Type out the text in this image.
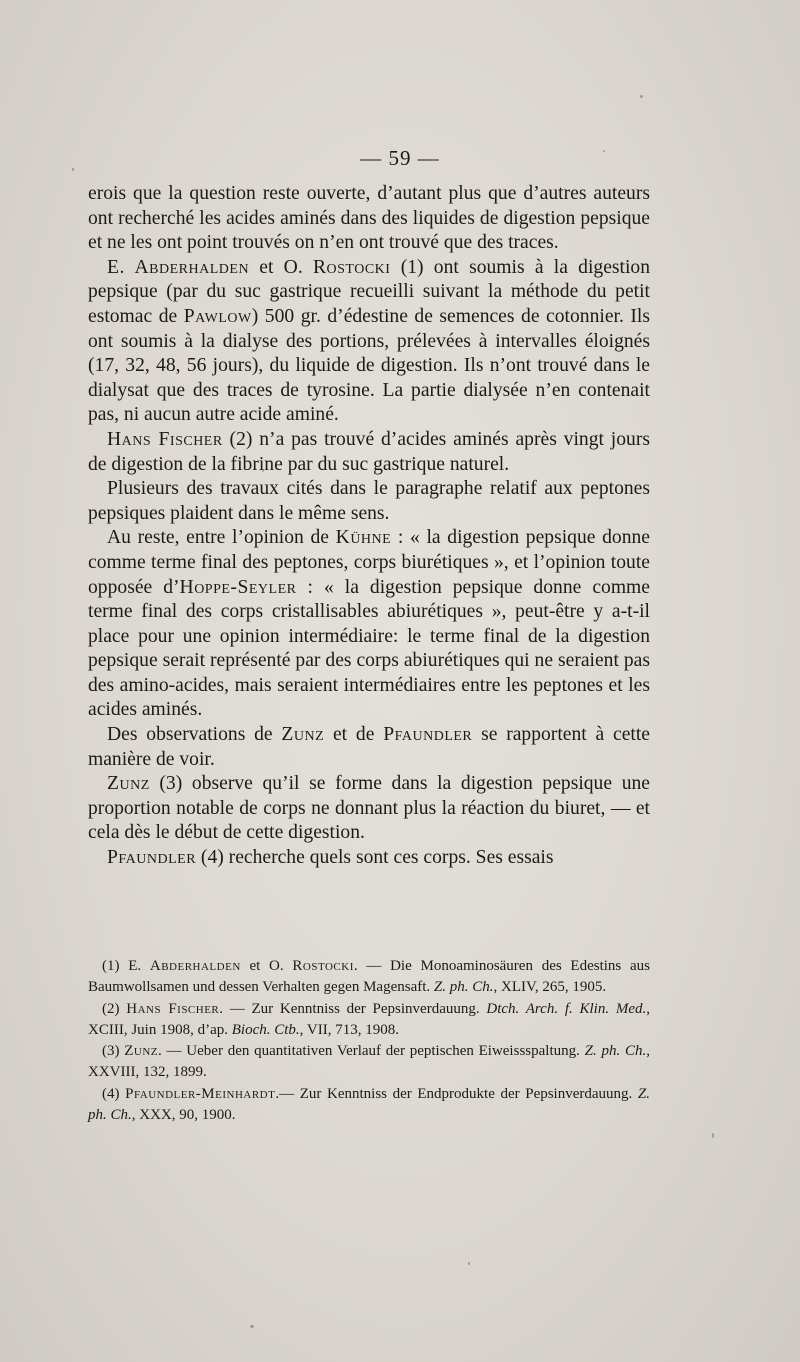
— 59 —

erois que la question reste ouverte, d’autant plus que d’autres auteurs ont recherché les acides aminés dans des liquides de digestion pepsique et ne les ont point trouvés on n’en ont trouvé que des traces.

E. Abderhalden et O. Rostocki (1) ont soumis à la digestion pepsique (par du suc gastrique recueilli suivant la méthode du petit estomac de Pawlow) 500 gr. d’édestine de semences de cotonnier. Ils ont soumis à la dialyse des portions, prélevées à intervalles éloignés (17, 32, 48, 56 jours), du liquide de digestion. Ils n’ont trouvé dans le dialysat que des traces de tyrosine. La partie dialysée n’en contenait pas, ni aucun autre acide aminé.

Hans Fischer (2) n’a pas trouvé d’acides aminés après vingt jours de digestion de la fibrine par du suc gastrique naturel.

Plusieurs des travaux cités dans le paragraphe relatif aux peptones pepsiques plaident dans le même sens.

Au reste, entre l’opinion de Kühne : « la digestion pepsique donne comme terme final des peptones, corps biurétiques », et l’opinion toute opposée d’Hoppe-Seyler : « la digestion pepsique donne comme terme final des corps cristallisables abiurétiques », peut-être y a-t-il place pour une opinion intermédiaire: le terme final de la digestion pepsique serait représenté par des corps abiurétiques qui ne seraient pas des amino-acides, mais seraient intermédiaires entre les peptones et les acides aminés.

Des observations de Zunz et de Pfaundler se rapportent à cette manière de voir.

Zunz (3) observe qu’il se forme dans la digestion pepsique une proportion notable de corps ne donnant plus la réaction du biuret, — et cela dès le début de cette digestion.

Pfaundler (4) recherche quels sont ces corps. Ses essais

(1) E. Abderhalden et O. Rostocki. — Die Monoaminosäuren des Edestins aus Baumwollsamen und dessen Verhalten gegen Magensaft. Z. ph. Ch., XLIV, 265, 1905.

(2) Hans Fischer. — Zur Kenntniss der Pepsinverdauung. Dtch. Arch. f. Klin. Med., XCIII, Juin 1908, d’ap. Bioch. Ctb., VII, 713, 1908.

(3) Zunz. — Ueber den quantitativen Verlauf der peptischen Eiweissspaltung. Z. ph. Ch., XXVIII, 132, 1899.

(4) Pfaundler-Meinhardt.— Zur Kenntniss der Endprodukte der Pepsinverdauung. Z. ph. Ch., XXX, 90, 1900.
